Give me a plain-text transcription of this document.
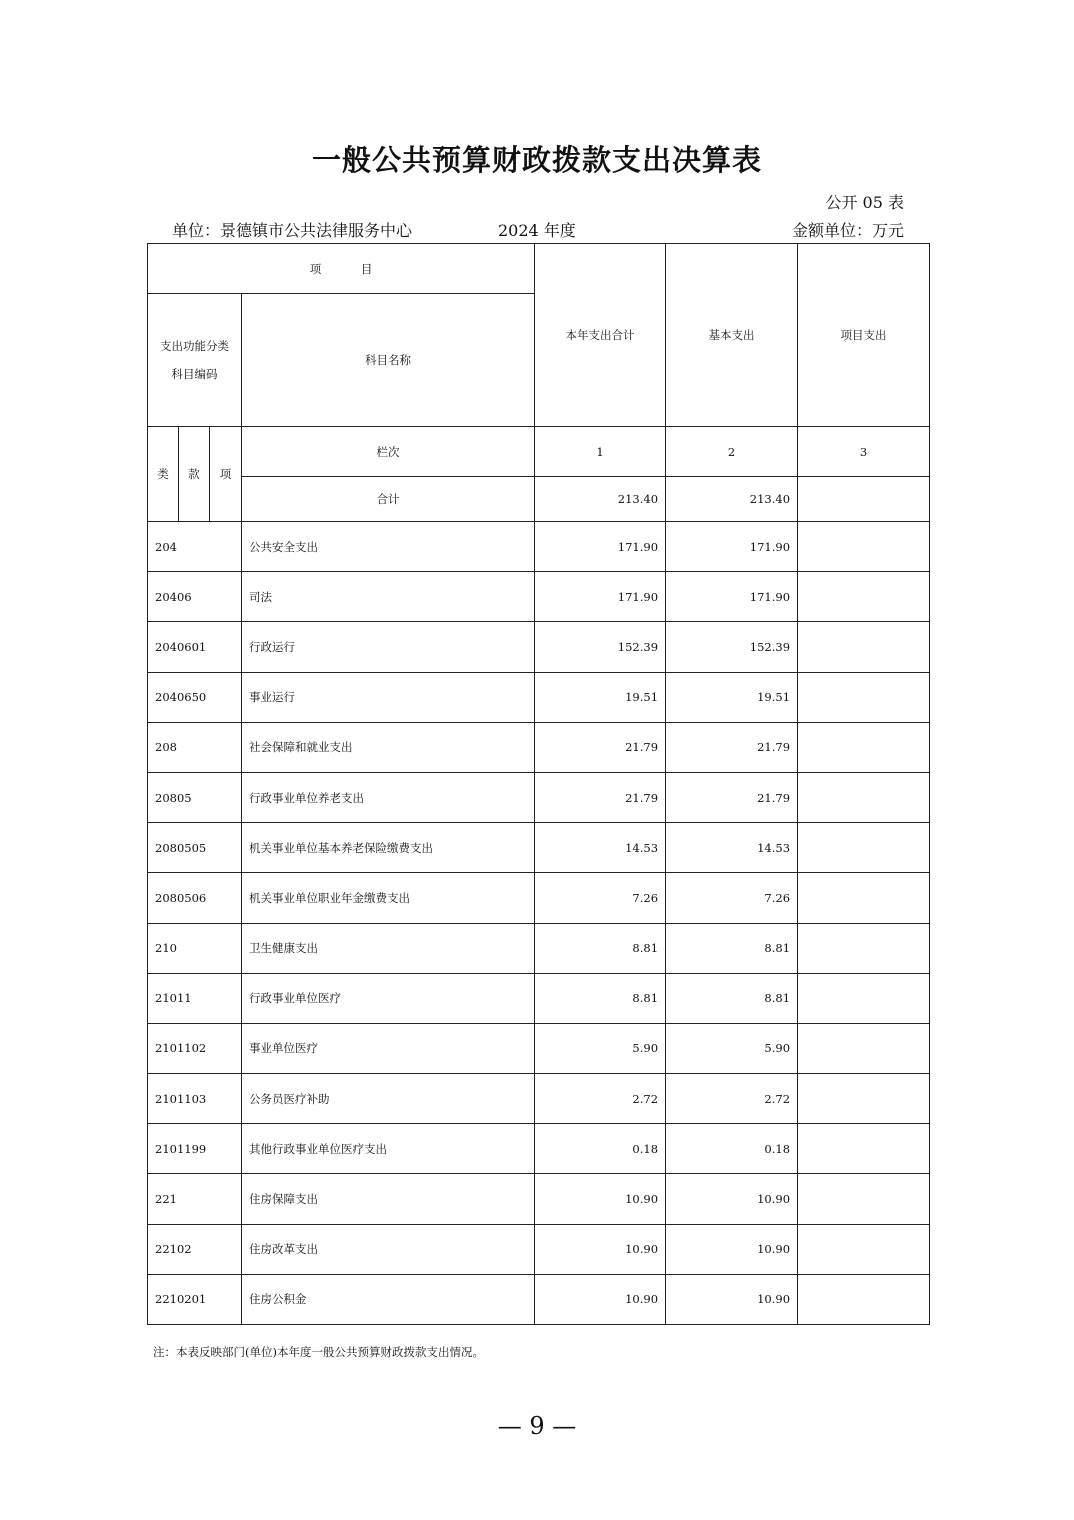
一般公共预算财政拨款支出决算表
公开 05 表
单位：景德镇市公共法律服务中心	2024 年度	金额单位：万元
项 目				本年支出合计	基本支出	项目支出

支出功能分类
科目编码			科目名称			
类	款	项	栏次	1	2	3
			合计	213.40	213.40	
204			公共安全支出	171.90	171.90	
20406			司法	171.90	171.90	
2040601			行政运行	152.39	152.39	
2040650			事业运行	19.51	19.51	
208			社会保障和就业支出	21.79	21.79	
20805			行政事业单位养老支出	21.79	21.79	
2080505			机关事业单位基本养老保险缴费支出	14.53	14.53	
2080506			机关事业单位职业年金缴费支出	7.26	7.26	
210			卫生健康支出	8.81	8.81	
21011			行政事业单位医疗	8.81	8.81	
2101102			事业单位医疗	5.90	5.90	
2101103			公务员医疗补助	2.72	2.72	
2101199			其他行政事业单位医疗支出	0.18	0.18	
221			住房保障支出	10.90	10.90	
22102			住房改革支出	10.90	10.90	
2210201			住房公积金	10.90	10.90	
注：本表反映部门(单位)本年度一般公共预算财政拨款支出情况。
— 9 —
